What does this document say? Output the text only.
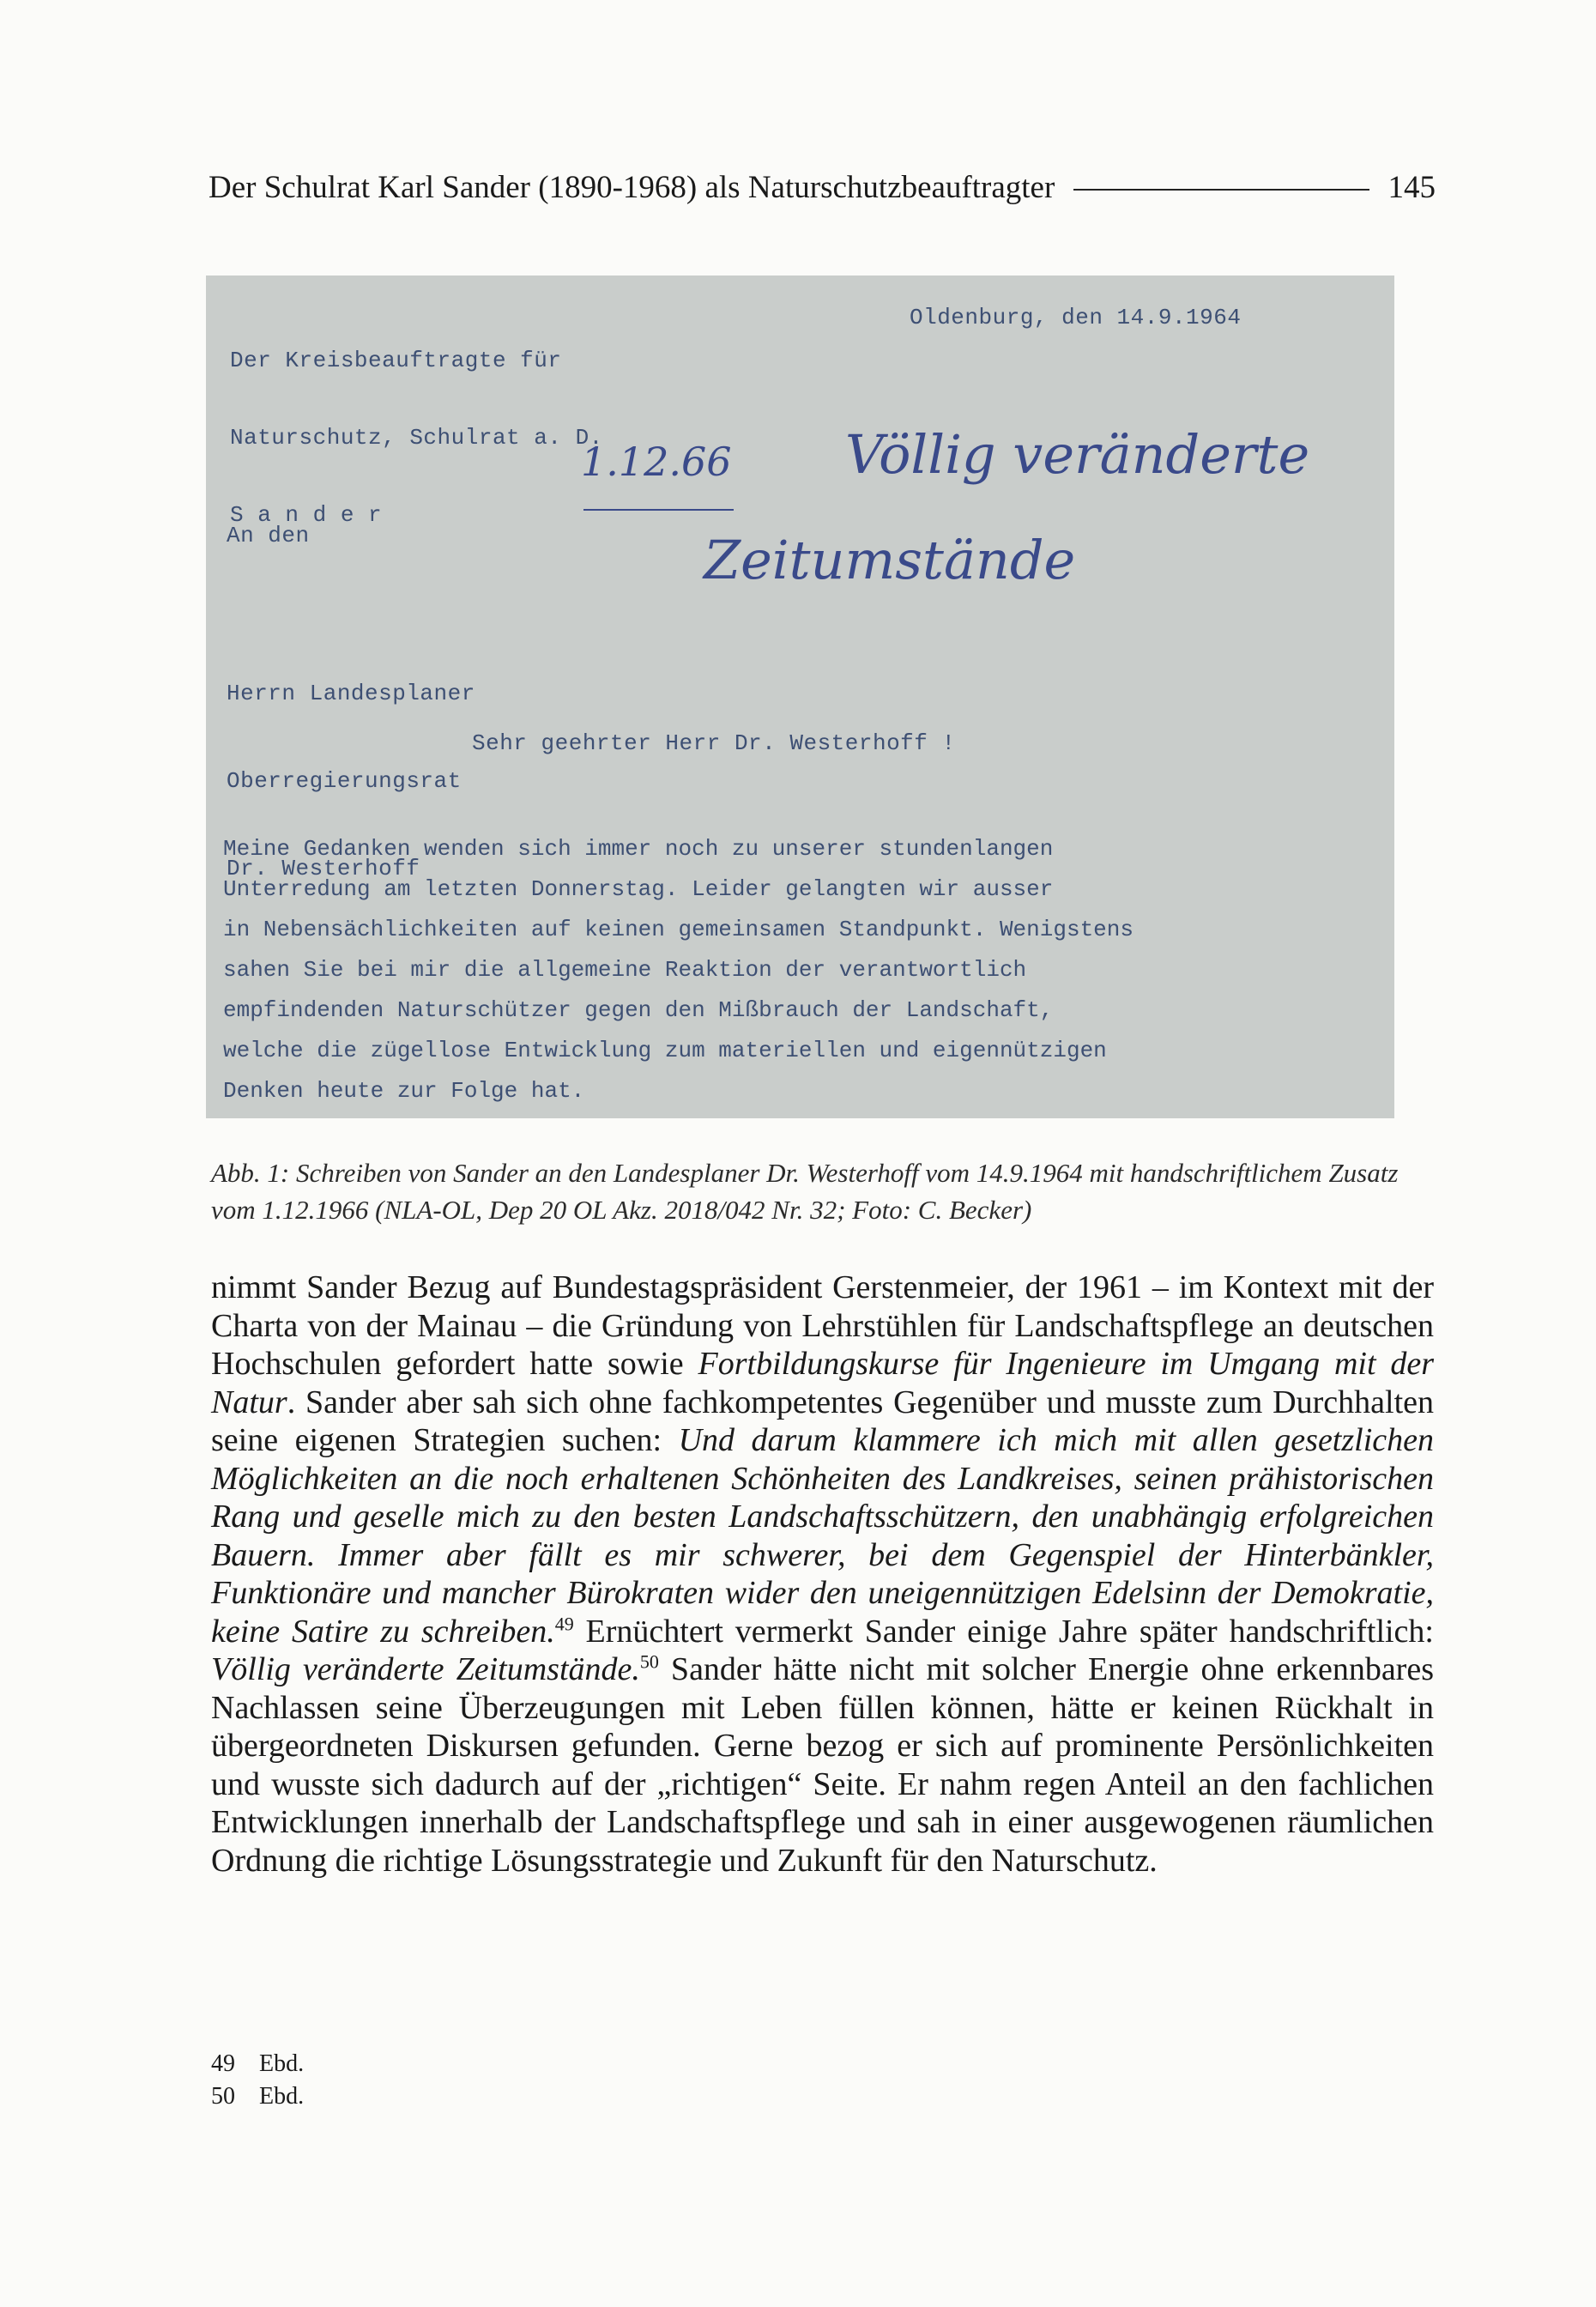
Der Schulrat Karl Sander (1890-1968) als Naturschutzbeauftragter	145

Der Kreisbeauftragte für

Naturschutz, Schulrat a. D.

S a n d e r

Oldenburg, den 14.9.1964

An den

Herrn Landesplaner

Oberregierungsrat

Dr. Westerhoff

1.12.66 Völlig veränderte
Zeitumstände
Sehr geehrter Herr Dr. Westerhoff !
Meine Gedanken wenden sich immer noch zu unserer stundenlangen
Unterredung am letzten Donnerstag. Leider gelangten wir ausser
in Nebensächlichkeiten auf keinen gemeinsamen Standpunkt. Wenigstens
sahen Sie bei mir die allgemeine Reaktion der verantwortlich
empfindenden Naturschützer gegen den Mißbrauch der Landschaft,
welche die zügellose Entwicklung zum materiellen und eigennützigen
Denken heute zur Folge hat.
Abb. 1: Schreiben von Sander an den Landesplaner Dr. Westerhoff vom 14.9.1964 mit handschriftlichem Zusatz vom 1.12.1966 (NLA-OL, Dep 20 OL Akz. 2018/042 Nr. 32; Foto: C. Becker)

nimmt Sander Bezug auf Bundestagspräsident Gerstenmeier, der 1961 – im Kontext mit der Charta von der Mainau – die Gründung von Lehrstühlen für Landschaftspflege an deutschen Hochschulen gefordert hatte sowie Fortbildungskurse für Ingenieure im Umgang mit der Natur. Sander aber sah sich ohne fachkompetentes Gegenüber und musste zum Durchhalten seine eigenen Strategien suchen: Und darum klammere ich mich mit allen gesetzlichen Möglichkeiten an die noch erhaltenen Schönheiten des Landkreises, seinen prähistorischen Rang und geselle mich zu den besten Landschaftsschützern, den unabhängig erfolgreichen Bauern. Immer aber fällt es mir schwerer, bei dem Gegenspiel der Hinterbänkler, Funktionäre und mancher Bürokraten wider den uneigennützigen Edelsinn der Demokratie, keine Satire zu schreiben.$^{49}$ Ernüchtert vermerkt Sander einige Jahre später handschriftlich: Völlig veränderte Zeitumstände.$^{50}$ Sander hätte nicht mit solcher Energie ohne erkennbares Nachlassen seine Überzeugungen mit Leben füllen können, hätte er keinen Rückhalt in übergeordneten Diskursen gefunden. Gerne bezog er sich auf prominente Persönlichkeiten und wusste sich dadurch auf der „richtigen“ Seite. Er nahm regen Anteil an den fachlichen Entwicklungen innerhalb der Landschaftspflege und sah in einer ausgewogenen räumlichen Ordnung die richtige Lösungsstrategie und Zukunft für den Naturschutz.

49	Ebd.
50	Ebd.
